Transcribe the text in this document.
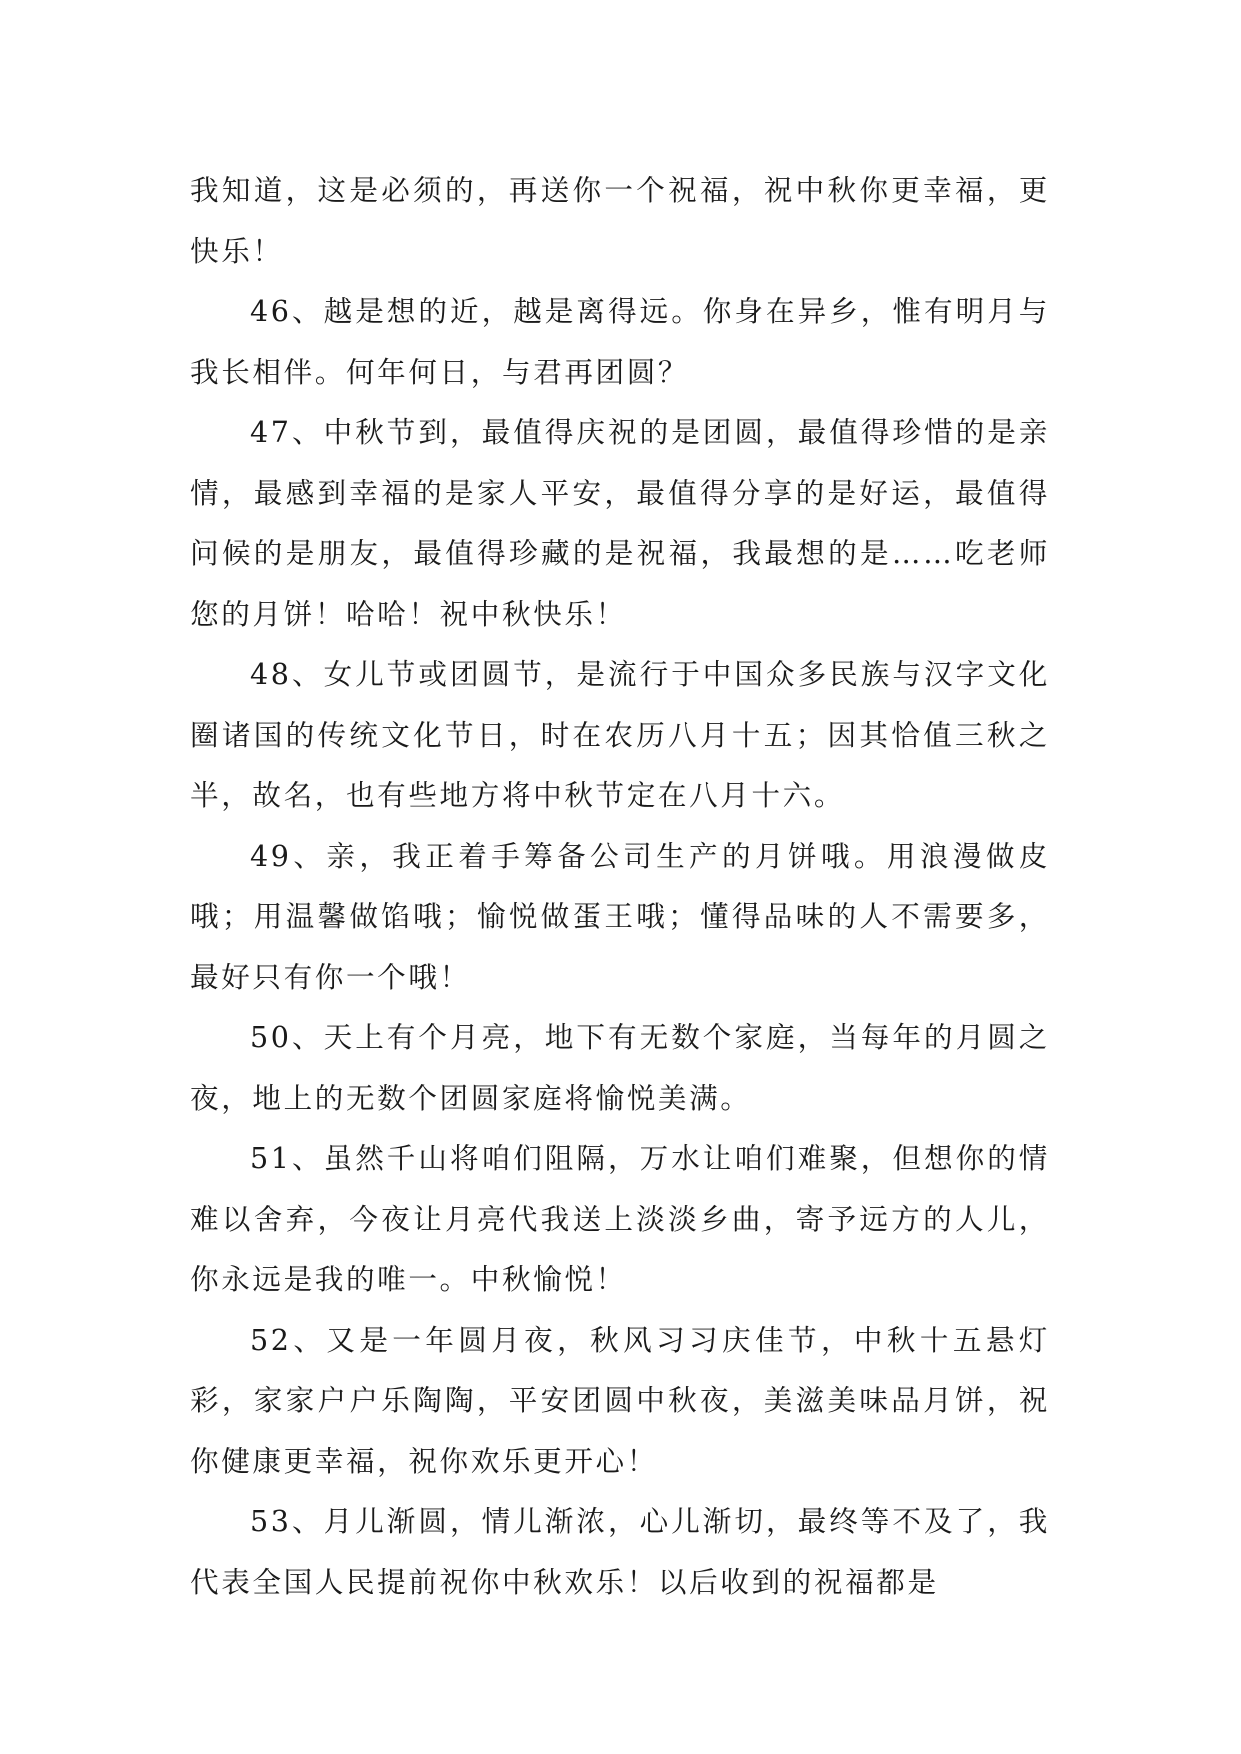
我知道，这是必须的，再送你一个祝福，祝中秋你更幸福，更快乐！

46、越是想的近，越是离得远。你身在异乡，惟有明月与我长相伴。何年何日，与君再团圆？

47、中秋节到，最值得庆祝的是团圆，最值得珍惜的是亲情，最感到幸福的是家人平安，最值得分享的是好运，最值得问候的是朋友，最值得珍藏的是祝福，我最想的是……吃老师您的月饼！哈哈！祝中秋快乐！

48、女儿节或团圆节，是流行于中国众多民族与汉字文化圈诸国的传统文化节日，时在农历八月十五；因其恰值三秋之半，故名，也有些地方将中秋节定在八月十六。

49、亲，我正着手筹备公司生产的月饼哦。用浪漫做皮哦；用温馨做馅哦；愉悦做蛋王哦；懂得品味的人不需要多，最好只有你一个哦！

50、天上有个月亮，地下有无数个家庭，当每年的月圆之夜，地上的无数个团圆家庭将愉悦美满。

51、虽然千山将咱们阻隔，万水让咱们难聚，但想你的情难以舍弃，今夜让月亮代我送上淡淡乡曲，寄予远方的人儿，你永远是我的唯一。中秋愉悦！

52、又是一年圆月夜，秋风习习庆佳节，中秋十五悬灯彩，家家户户乐陶陶，平安团圆中秋夜，美滋美味品月饼，祝你健康更幸福，祝你欢乐更开心！

53、月儿渐圆，情儿渐浓，心儿渐切，最终等不及了，我代表全国人民提前祝你中秋欢乐！以后收到的祝福都是
